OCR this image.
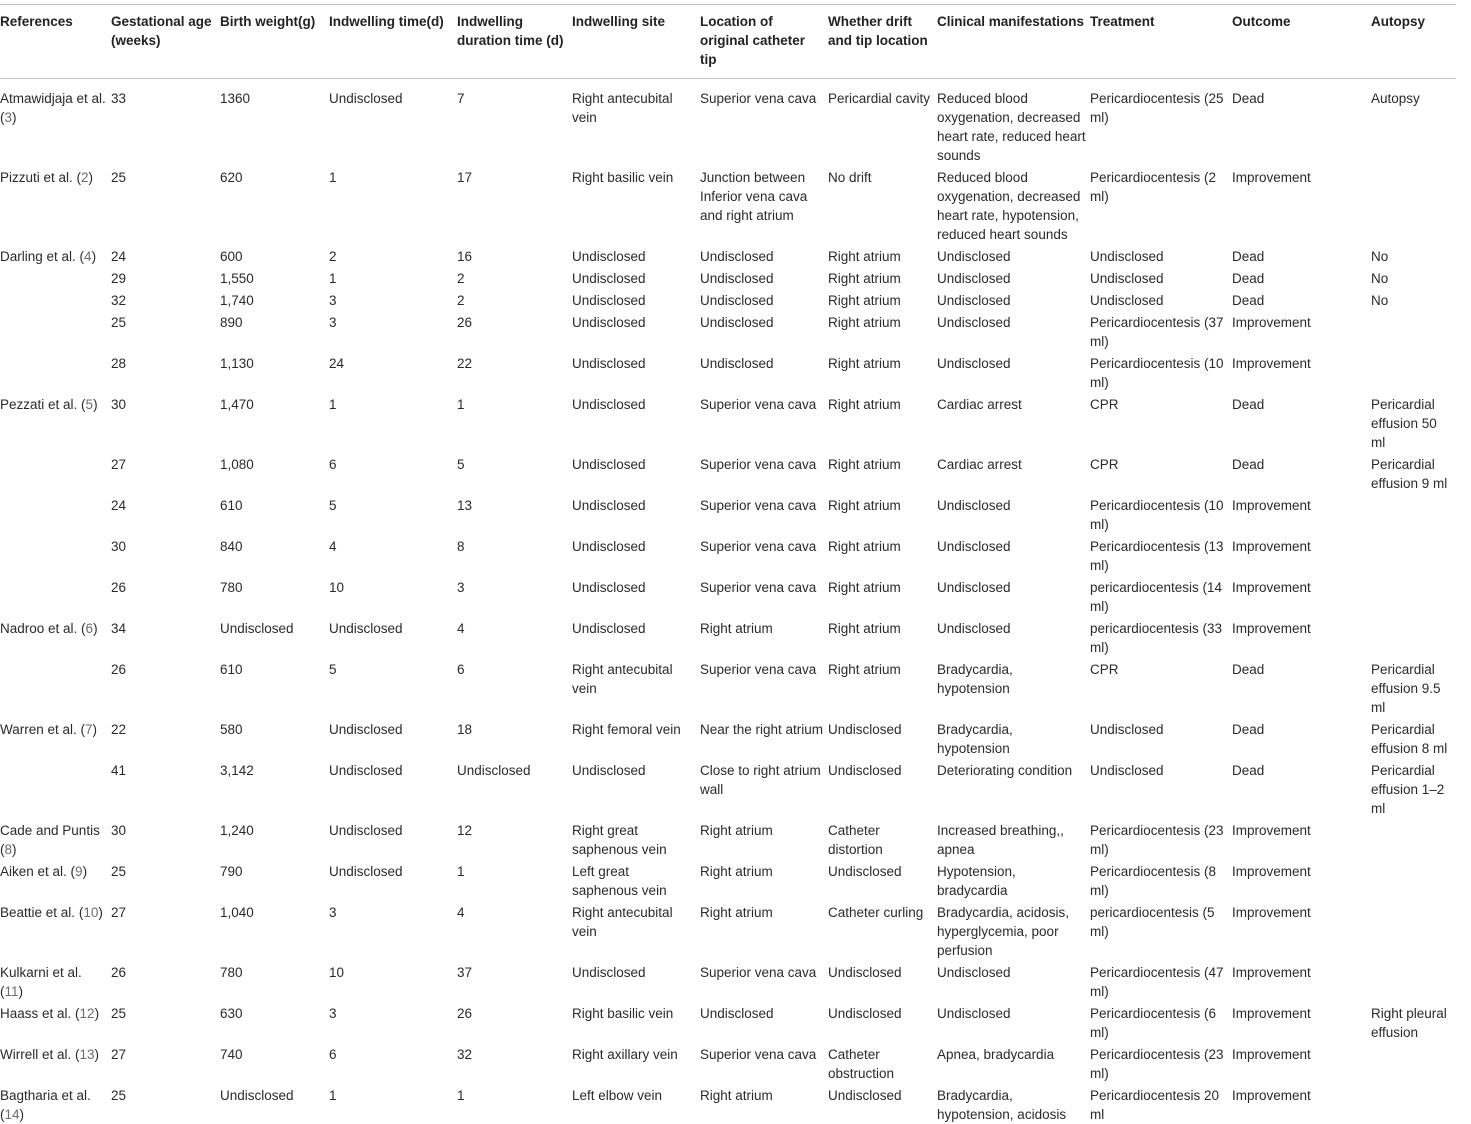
References	Gestational age (weeks)	Birth weight(g)	Indwelling time(d)	Indwelling duration time (d)	Indwelling site	Location of original catheter tip	Whether drift and tip location	Clinical manifestations	Treatment	Outcome	Autopsy
Atmawidjaja et al. (3)	33	1360	Undisclosed	7	Right antecubital vein	Superior vena cava	Pericardial cavity	Reduced blood oxygenation, decreased heart rate, reduced heart sounds	Pericardiocentesis (25 ml)	Dead	Autopsy
Pizzuti et al. (2)	25	620	1	17	Right basilic vein	Junction between Inferior vena cava and right atrium	No drift	Reduced blood oxygenation, decreased heart rate, hypotension, reduced heart sounds	Pericardiocentesis (2 ml)	Improvement	
Darling et al. (4)	24	600	2	16	Undisclosed	Undisclosed	Right atrium	Undisclosed	Undisclosed	Dead	No
	29	1,550	1	2	Undisclosed	Undisclosed	Right atrium	Undisclosed	Undisclosed	Dead	No
	32	1,740	3	2	Undisclosed	Undisclosed	Right atrium	Undisclosed	Undisclosed	Dead	No
	25	890	3	26	Undisclosed	Undisclosed	Right atrium	Undisclosed	Pericardiocentesis (37 ml)	Improvement	
	28	1,130	24	22	Undisclosed	Undisclosed	Right atrium	Undisclosed	Pericardiocentesis (10 ml)	Improvement	
Pezzati et al. (5)	30	1,470	1	1	Undisclosed	Superior vena cava	Right atrium	Cardiac arrest	CPR	Dead	Pericardial effusion 50 ml
	27	1,080	6	5	Undisclosed	Superior vena cava	Right atrium	Cardiac arrest	CPR	Dead	Pericardial effusion 9 ml
	24	610	5	13	Undisclosed	Superior vena cava	Right atrium	Undisclosed	Pericardiocentesis (10 ml)	Improvement	
	30	840	4	8	Undisclosed	Superior vena cava	Right atrium	Undisclosed	Pericardiocentesis (13 ml)	Improvement	
	26	780	10	3	Undisclosed	Superior vena cava	Right atrium	Undisclosed	pericardiocentesis (14 ml)	Improvement	
Nadroo et al. (6)	34	Undisclosed	Undisclosed	4	Undisclosed	Right atrium	Right atrium	Undisclosed	pericardiocentesis (33 ml)	Improvement	
	26	610	5	6	Right antecubital vein	Superior vena cava	Right atrium	Bradycardia, hypotension	CPR	Dead	Pericardial effusion 9.5 ml
Warren et al. (7)	22	580	Undisclosed	18	Right femoral vein	Near the right atrium	Undisclosed	Bradycardia, hypotension	Undisclosed	Dead	Pericardial effusion 8 ml
	41	3,142	Undisclosed	Undisclosed	Undisclosed	Close to right atrium wall	Undisclosed	Deteriorating condition	Undisclosed	Dead	Pericardial effusion 1–2 ml
Cade and Puntis (8)	30	1,240	Undisclosed	12	Right great saphenous vein	Right atrium	Catheter distortion	Increased breathing,, apnea	Pericardiocentesis (23 ml)	Improvement	
Aiken et al. (9)	25	790	Undisclosed	1	Left great saphenous vein	Right atrium	Undisclosed	Hypotension, bradycardia	Pericardiocentesis (8 ml)	Improvement	
Beattie et al. (10)	27	1,040	3	4	Right antecubital vein	Right atrium	Catheter curling	Bradycardia, acidosis, hyperglycemia, poor perfusion	pericardiocentesis (5 ml)	Improvement	
Kulkarni et al. (11)	26	780	10	37	Undisclosed	Superior vena cava	Undisclosed	Undisclosed	Pericardiocentesis (47 ml)	Improvement	
Haass et al. (12)	25	630	3	26	Right basilic vein	Undisclosed	Undisclosed	Undisclosed	Pericardiocentesis (6 ml)	Improvement	Right pleural effusion
Wirrell et al. (13)	27	740	6	32	Right axillary vein	Superior vena cava	Catheter obstruction	Apnea, bradycardia	Pericardiocentesis (23 ml)	Improvement	
Bagtharia et al. (14)	25	Undisclosed	1	1	Left elbow vein	Right atrium	Undisclosed	Bradycardia, hypotension, acidosis	Pericardiocentesis 20 ml	Improvement	
